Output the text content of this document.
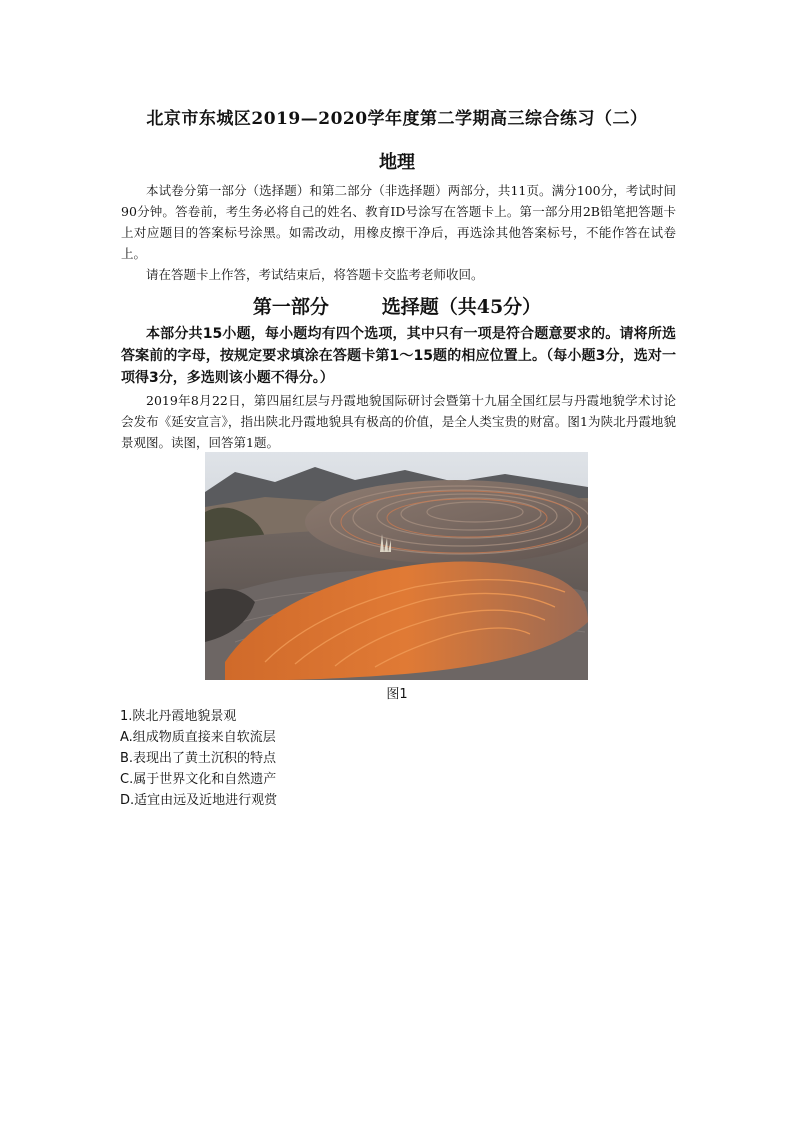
北京市东城区2019—2020学年度第二学期高三综合练习（二）
地理
本试卷分第一部分（选择题）和第二部分（非选择题）两部分，共11页。满分100分，考试时间90分钟。答卷前，考生务必将自己的姓名、教育ID号涂写在答题卡上。第一部分用2B铅笔把答题卡上对应题目的答案标号涂黑。如需改动，用橡皮擦干净后，再选涂其他答案标号，不能作答在试卷上。
请在答题卡上作答，考试结束后，将答题卡交监考老师收回。
第一部分        选择题（共45分）
本部分共15小题，每小题均有四个选项，其中只有一项是符合题意要求的。请将所选答案前的字母，按规定要求填涂在答题卡第1～15题的相应位置上。（每小题3分，选对一项得3分，多选则该小题不得分。）
2019年8月22日，第四届红层与丹霞地貌国际研讨会暨第十九届全国红层与丹霞地貌学术讨论会发布《延安宣言》，指出陕北丹霞地貌具有极高的价值，是全人类宝贵的财富。图1为陕北丹霞地貌景观图。读图，回答第1题。
图1
1.陕北丹霞地貌景观
A.组成物质直接来自软流层
B.表现出了黄土沉积的特点
C.属于世界文化和自然遗产
D.适宜由远及近地进行观赏
